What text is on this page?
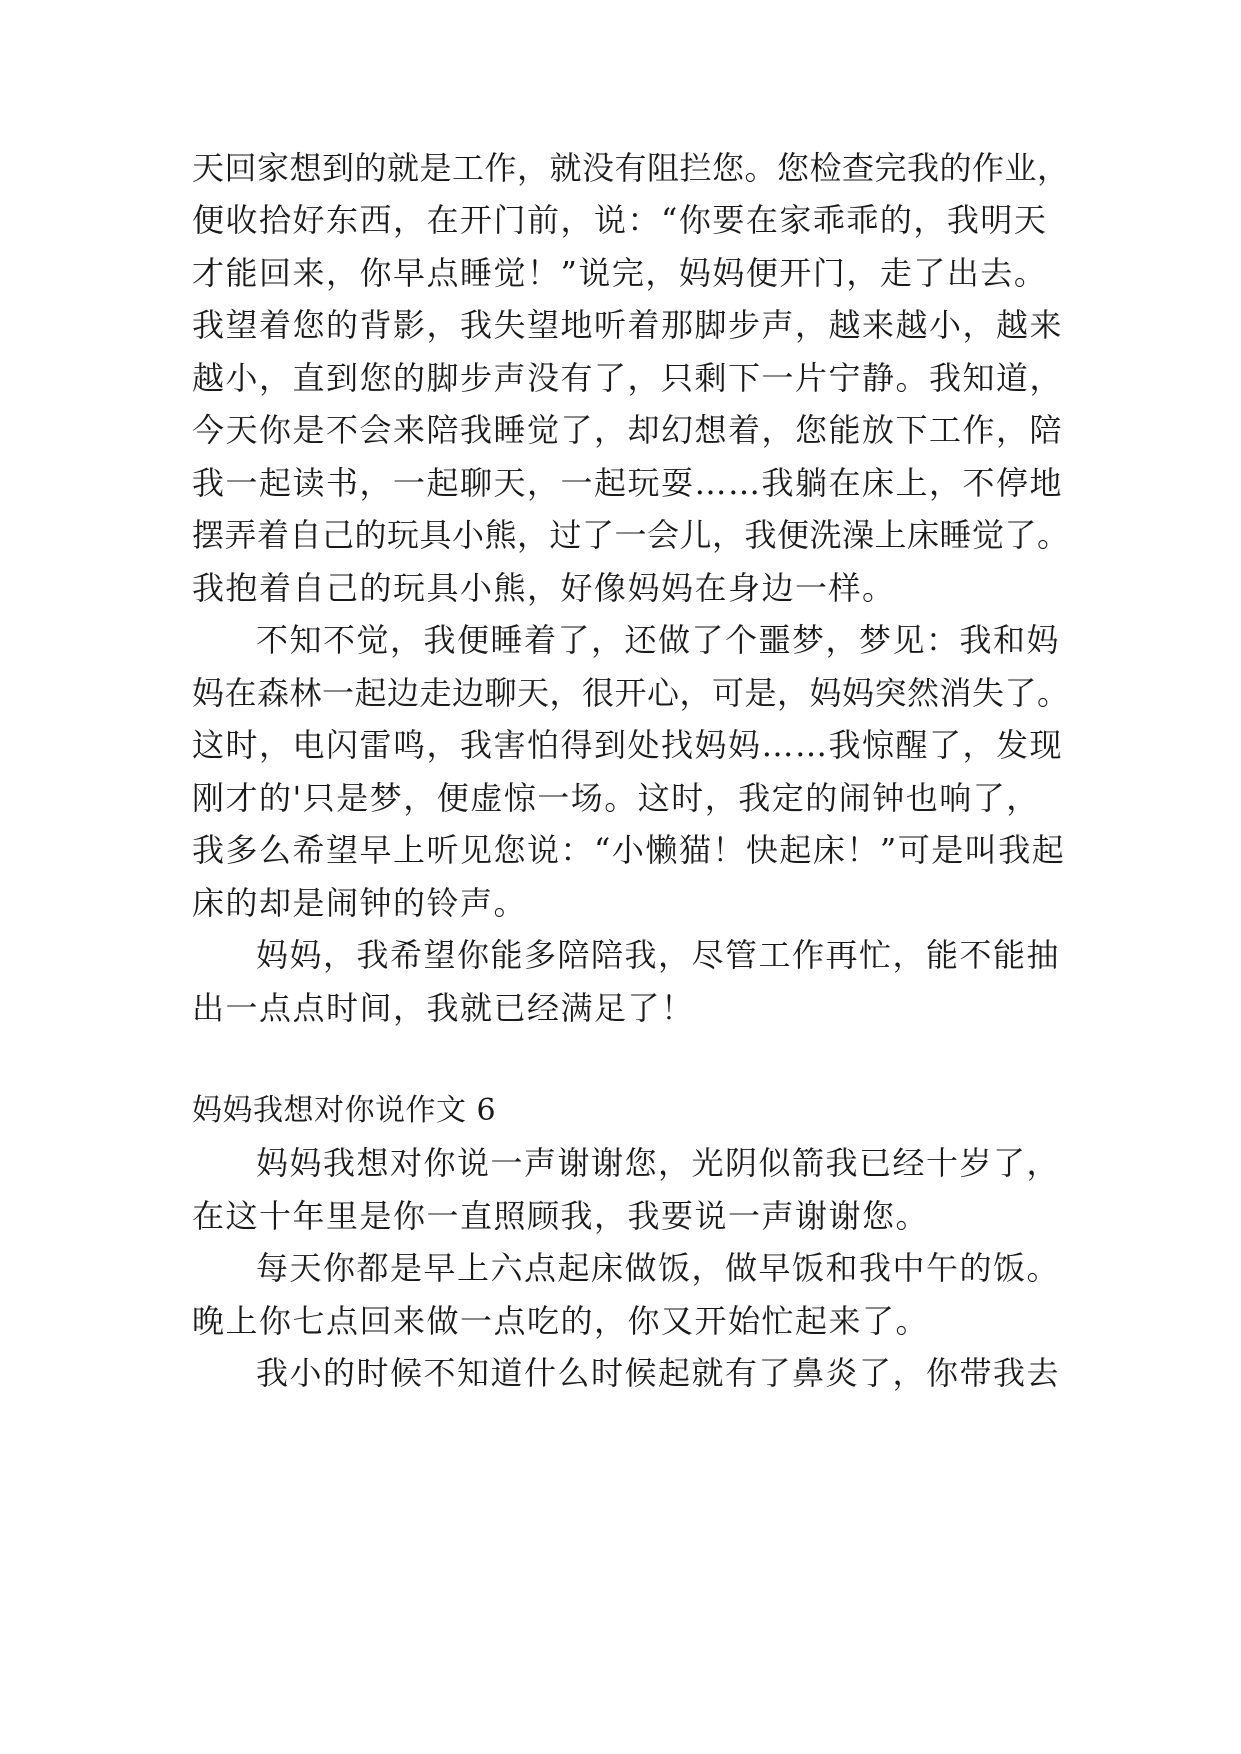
天回家想到的就是工作，就没有阻拦您。您检查完我的作业，
便收拾好东西，在开门前，说：“你要在家乖乖的，我明天
才能回来，你早点睡觉！”说完，妈妈便开门，走了出去。
我望着您的背影，我失望地听着那脚步声，越来越小，越来
越小，直到您的脚步声没有了，只剩下一片宁静。我知道，
今天你是不会来陪我睡觉了，却幻想着，您能放下工作，陪
我一起读书，一起聊天，一起玩耍……我躺在床上，不停地
摆弄着自己的玩具小熊，过了一会儿，我便洗澡上床睡觉了。
我抱着自己的玩具小熊，好像妈妈在身边一样。
不知不觉，我便睡着了，还做了个噩梦，梦见：我和妈
妈在森林一起边走边聊天，很开心，可是，妈妈突然消失了。
这时，电闪雷鸣，我害怕得到处找妈妈……我惊醒了，发现
刚才的'只是梦，便虚惊一场。这时，我定的闹钟也响了，
我多么希望早上听见您说：“小懒猫！快起床！”可是叫我起
床的却是闹钟的铃声。
妈妈，我希望你能多陪陪我，尽管工作再忙，能不能抽
出一点点时间，我就已经满足了！
妈妈我想对你说作文 6
妈妈我想对你说一声谢谢您，光阴似箭我已经十岁了，
在这十年里是你一直照顾我，我要说一声谢谢您。
每天你都是早上六点起床做饭，做早饭和我中午的饭。
晚上你七点回来做一点吃的，你又开始忙起来了。
我小的时候不知道什么时候起就有了鼻炎了，你带我去
